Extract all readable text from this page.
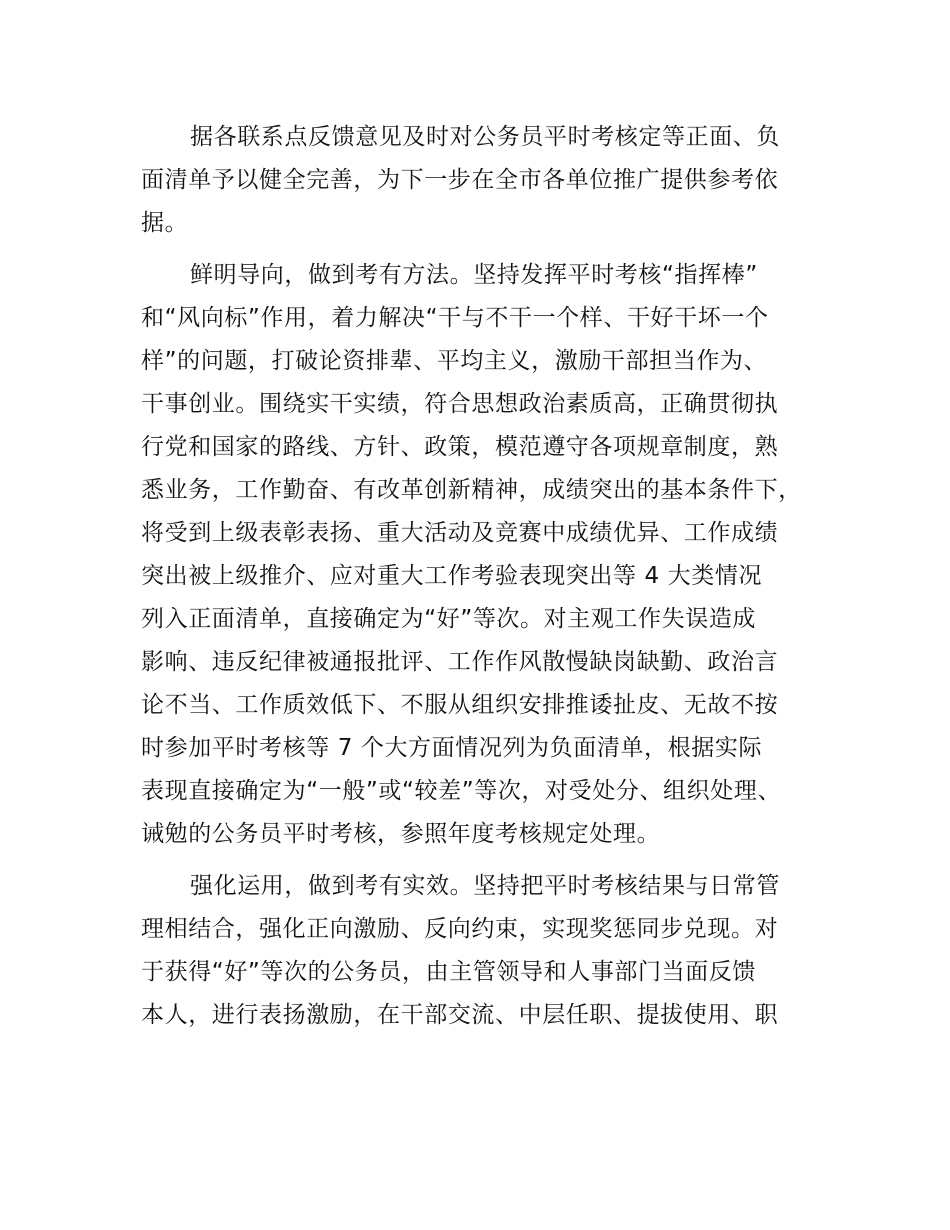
据各联系点反馈意见及时对公务员平时考核定等正面、负
面清单予以健全完善，为下一步在全市各单位推广提供参考依
据。
鲜明导向，做到考有方法。坚持发挥平时考核“指挥棒”
和“风向标”作用，着力解决“干与不干一个样、干好干坏一个
样”的问题，打破论资排辈、平均主义，激励干部担当作为、
干事创业。围绕实干实绩，符合思想政治素质高，正确贯彻执
行党和国家的路线、方针、政策，模范遵守各项规章制度，熟
悉业务，工作勤奋、有改革创新精神，成绩突出的基本条件下，
将受到上级表彰表扬、重大活动及竞赛中成绩优异、工作成绩
突出被上级推介、应对重大工作考验表现突出等 4 大类情况
列入正面清单，直接确定为“好”等次。对主观工作失误造成
影响、违反纪律被通报批评、工作作风散慢缺岗缺勤、政治言
论不当、工作质效低下、不服从组织安排推诿扯皮、无故不按
时参加平时考核等 7 个大方面情况列为负面清单，根据实际
表现直接确定为“一般”或“较差”等次，对受处分、组织处理、
诫勉的公务员平时考核，参照年度考核规定处理。
强化运用，做到考有实效。坚持把平时考核结果与日常管
理相结合，强化正向激励、反向约束，实现奖惩同步兑现。对
于获得“好”等次的公务员，由主管领导和人事部门当面反馈
本人，进行表扬激励，在干部交流、中层任职、提拔使用、职
